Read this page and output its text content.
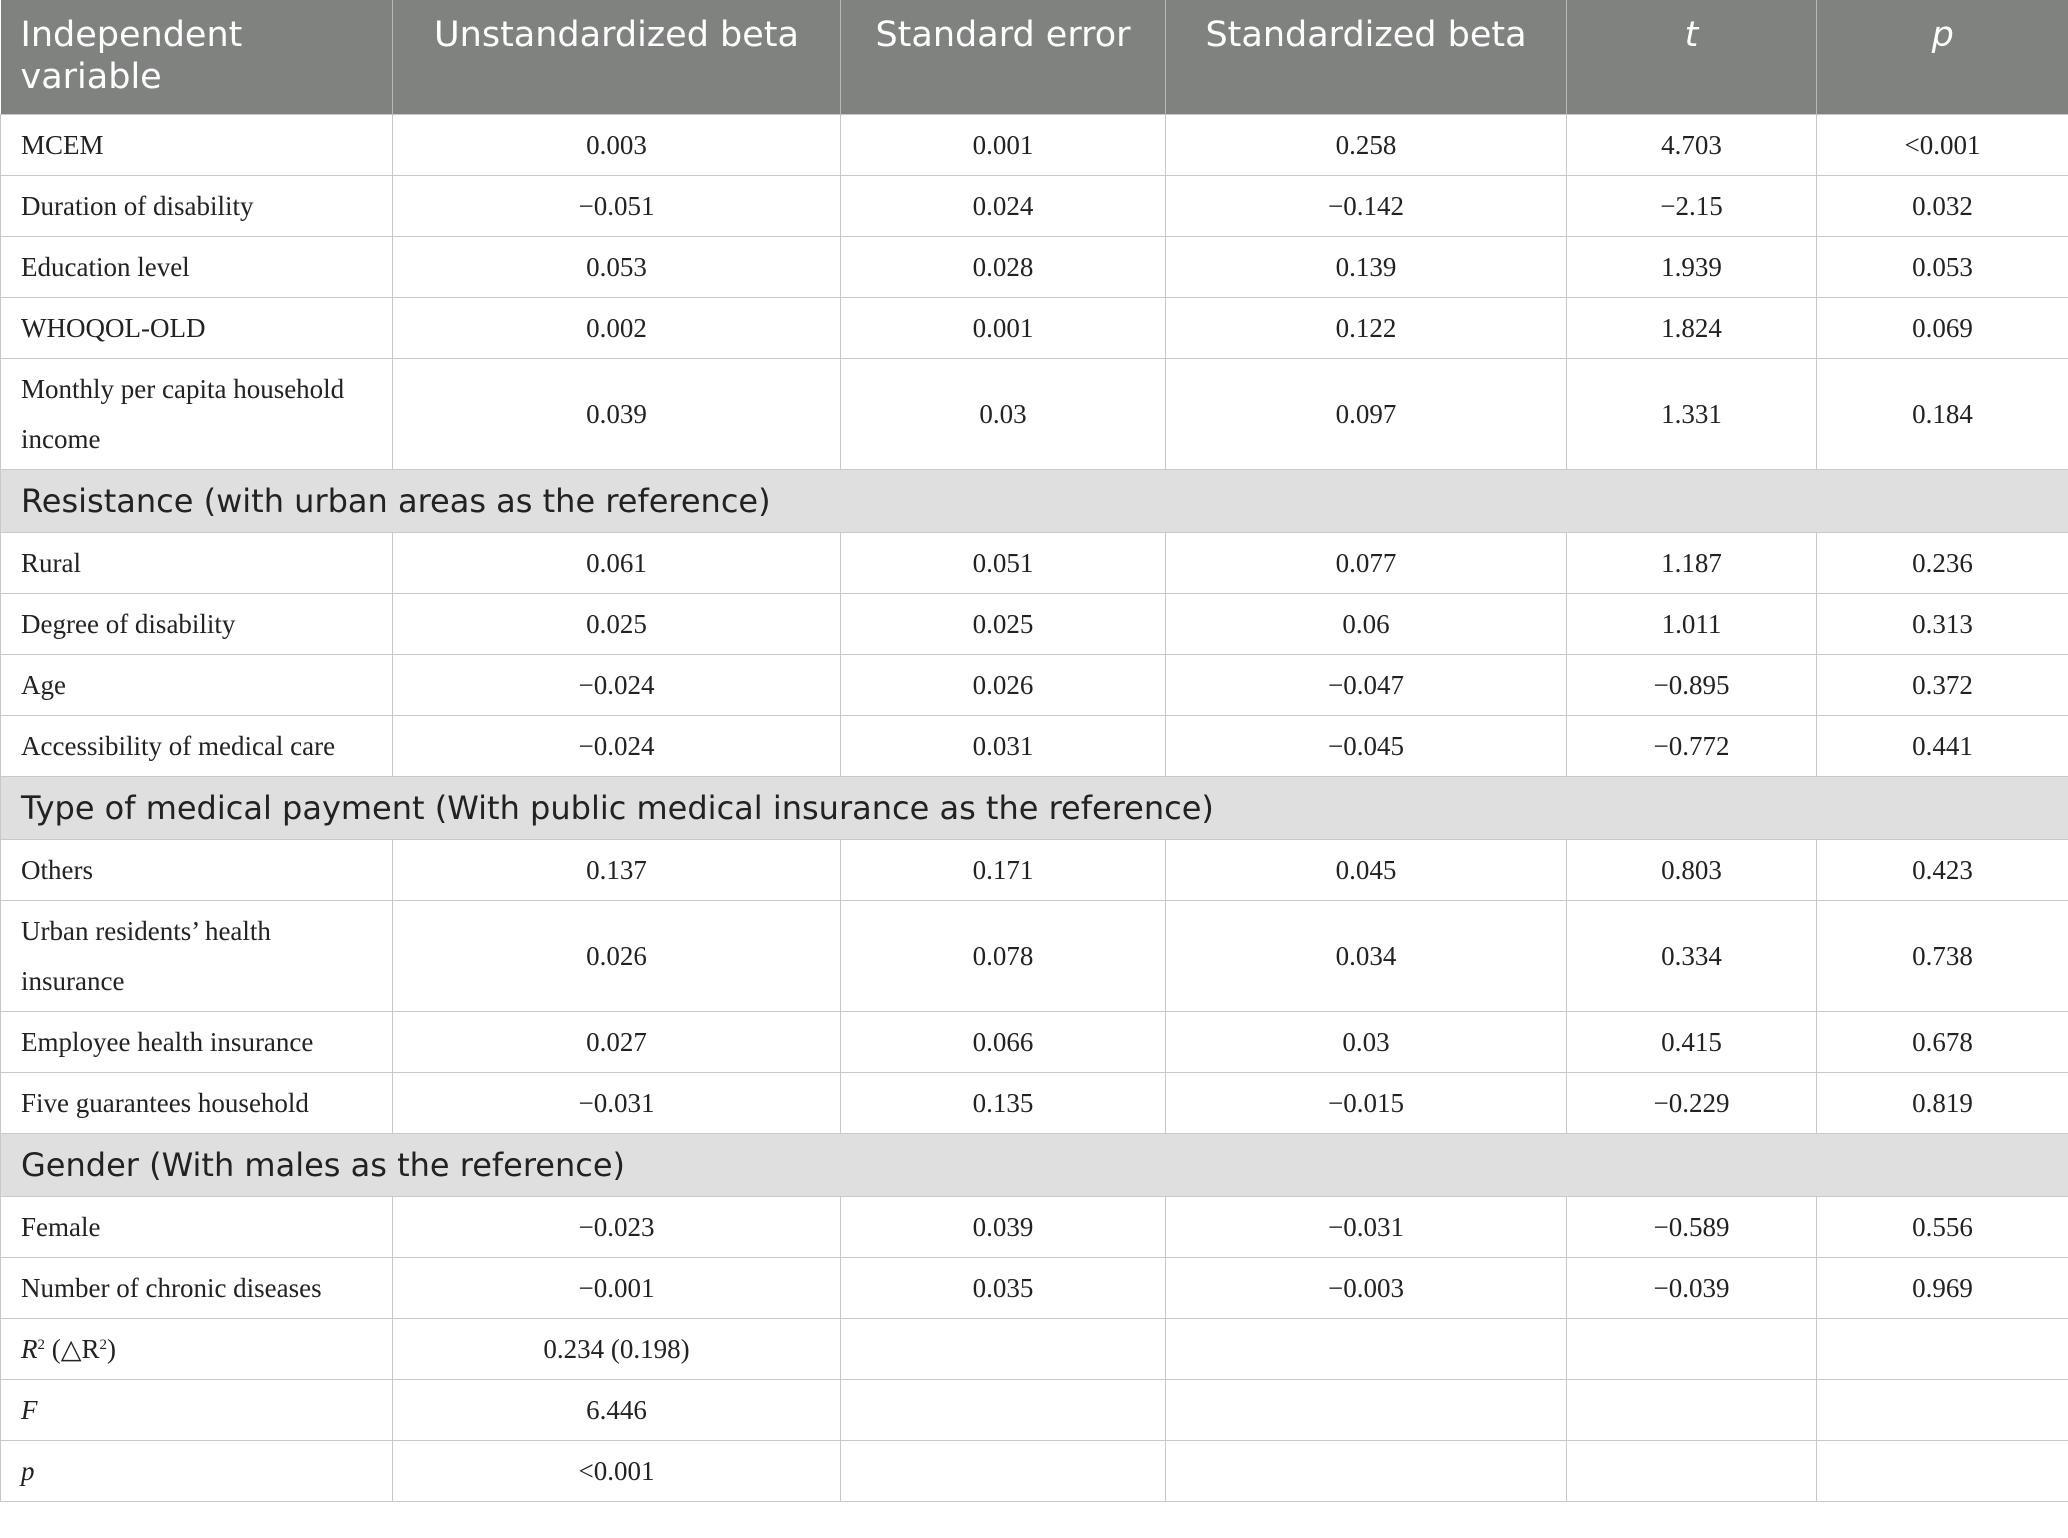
Independent variable	Unstandardized beta	Standard error	Standardized beta	t	p
MCEM	0.003	0.001	0.258	4.703	<0.001
Duration of disability	−0.051	0.024	−0.142	−2.15	0.032
Education level	0.053	0.028	0.139	1.939	0.053
WHOQOL-OLD	0.002	0.001	0.122	1.824	0.069
Monthly per capita household income	0.039	0.03	0.097	1.331	0.184
Resistance (with urban areas as the reference)					
Rural	0.061	0.051	0.077	1.187	0.236
Degree of disability	0.025	0.025	0.06	1.011	0.313
Age	−0.024	0.026	−0.047	−0.895	0.372
Accessibility of medical care	−0.024	0.031	−0.045	−0.772	0.441
Type of medical payment (With public medical insurance as the reference)					
Others	0.137	0.171	0.045	0.803	0.423
Urban residents’ health insurance	0.026	0.078	0.034	0.334	0.738
Employee health insurance	0.027	0.066	0.03	0.415	0.678
Five guarantees household	−0.031	0.135	−0.015	−0.229	0.819
Gender (With males as the reference)					
Female	−0.023	0.039	−0.031	−0.589	0.556
Number of chronic diseases	−0.001	0.035	−0.003	−0.039	0.969
$R^2$ $(\triangle R^2)$	0.234 (0.198)				
F	6.446				
p	<0.001				
